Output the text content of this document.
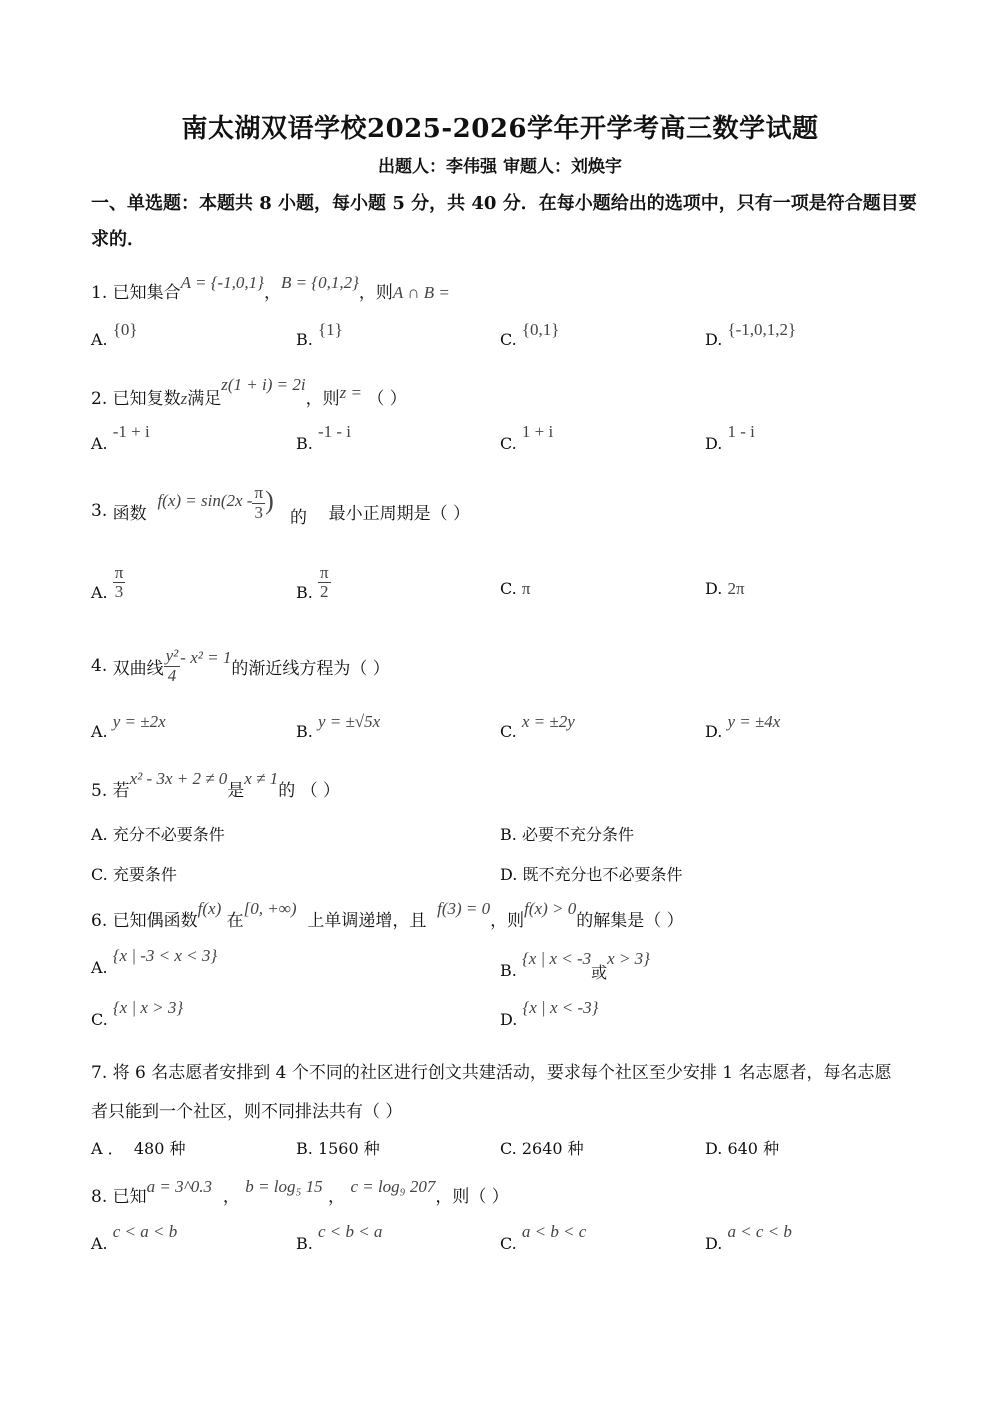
南太湖双语学校2025-2026学年开学考高三数学试题
出题人：李伟强 审题人：刘焕宇
一、单选题：本题共 8 小题，每小题 5 分，共 40 分．在每小题给出的选项中，只有一项是符合题目要求的．
1. 已知集合A = {-1,0,1}，B = {0,1,2}，则A ∩ B =
A. {0}
B. {1}
C. {0,1}
D. {-1,0,1,2}
2. 已知复数z满足z(1 + i) = 2i，则z = （ ）
A. -1 + i
B. -1 - i
C. 1 + i
D. 1 - i
3.
函数

$f(x) = \sin(2x - \frac{\pi}{3}$ )

的
最小正周期是（ ）
A.
$\frac{\pi}{3}$	B.
$\frac{\pi}{2}$	C. π	D. 2π
4.
双曲线 $\frac{\text{y²}}{4} - x^2 = 1$
的渐近线方程为（ ）
A. y = ±2x
B. y = ±√5x
C. x = ±2y
D. y = ±4x
5. 若x² - 3x + 2 ≠ 0是x ≠ 1的 （ ）
A. 充分不必要条件	B. 必要不充分条件
C. 充要条件	D. 既不充分也不必要条件
6. 已知偶函数f(x) 在[0, +∞)  上单调递增，且  f(3) = 0，则f(x) > 0的解集是（ ）
A. {x | -3 < x < 3}
B. {x | x < -3或x > 3}
C. {x | x > 3}
D. {x | x < -3}
7. 将 6 名志愿者安排到 4 个不同的社区进行创文共建活动，要求每个社区至少安排 1 名志愿者，每名志愿
者只能到一个社区，则不同排法共有（ ）
A ． 480 种	B. 1560 种	C. 2640 种	D. 640 种
8. 已知a = 3^0.3  ， b = log₅ 15 ， c = log₉ 207，则（ ）
A. c < a < b
B. c < b < a
C. a < b < c
D. a < c < b
